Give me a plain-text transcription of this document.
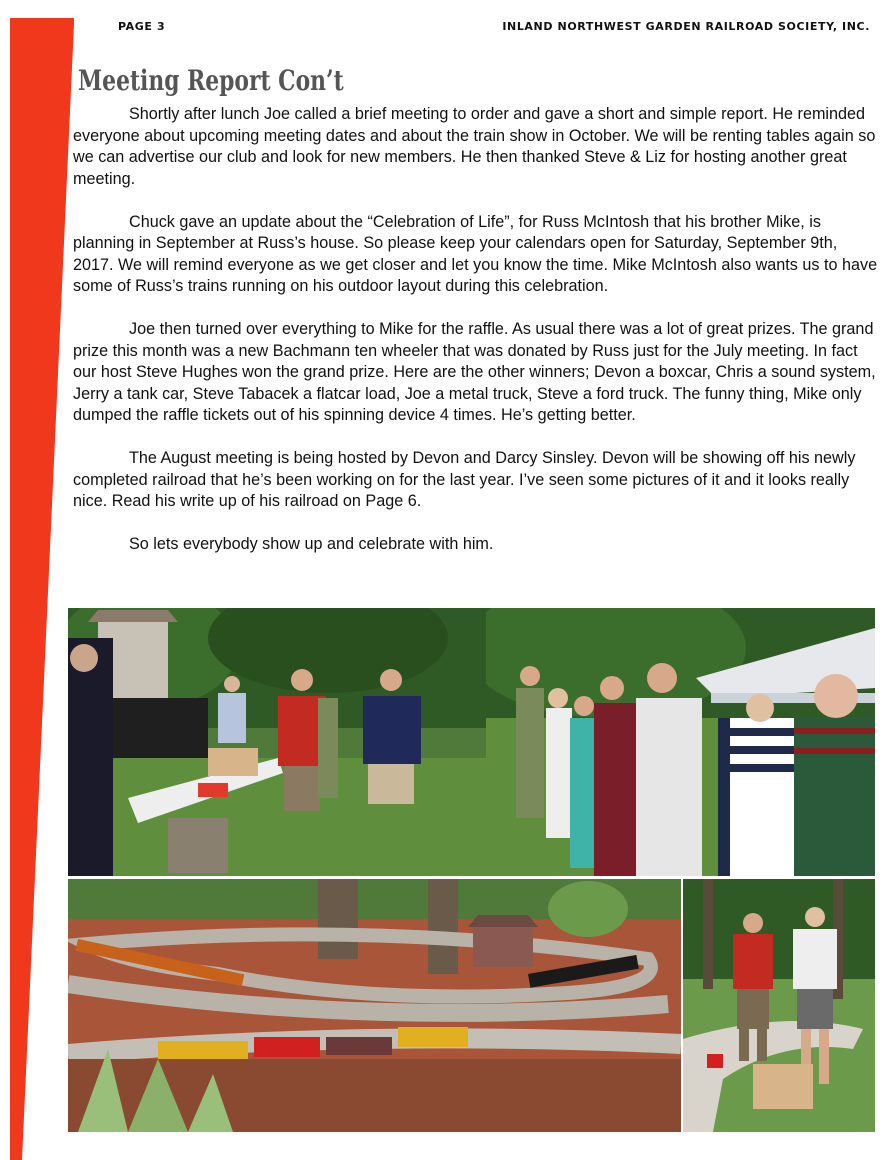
PAGE 3	INLAND NORTHWEST GARDEN RAILROAD SOCIETY, INC.
Meeting Report Con’t

Shortly after lunch Joe called a brief meeting to order and gave a short and simple report. He reminded everyone about upcoming meeting dates and about the train show in October. We will be renting tables again so we can advertise our club and look for new members. He then thanked Steve & Liz for hosting another great meeting.

Chuck gave an update about the “Celebration of Life”, for Russ McIntosh that his brother Mike, is planning in September at Russ’s house. So please keep your calendars open for Saturday, September 9th, 2017. We will remind everyone as we get closer and let you know the time. Mike McIntosh also wants us to have some of Russ’s trains running on his outdoor layout during this celebration.

Joe then turned over everything to Mike for the raffle. As usual there was a lot of great prizes. The grand prize this month was a new Bachmann ten wheeler that was donated by Russ just for the July meeting. In fact our host Steve Hughes won the grand prize. Here are the other winners; Devon a boxcar, Chris a sound system, Jerry a tank car, Steve Tabacek a flatcar load, Joe a metal truck, Steve a ford truck. The funny thing, Mike only dumped the raffle tickets out of his spinning device 4 times. He’s getting better.

The August meeting is being hosted by Devon and Darcy Sinsley. Devon will be showing off his newly completed railroad that he’s been working on for the last year. I’ve seen some pictures of it and it looks really nice. Read his write up of his railroad on Page 6.

So lets everybody show up and celebrate with him.
